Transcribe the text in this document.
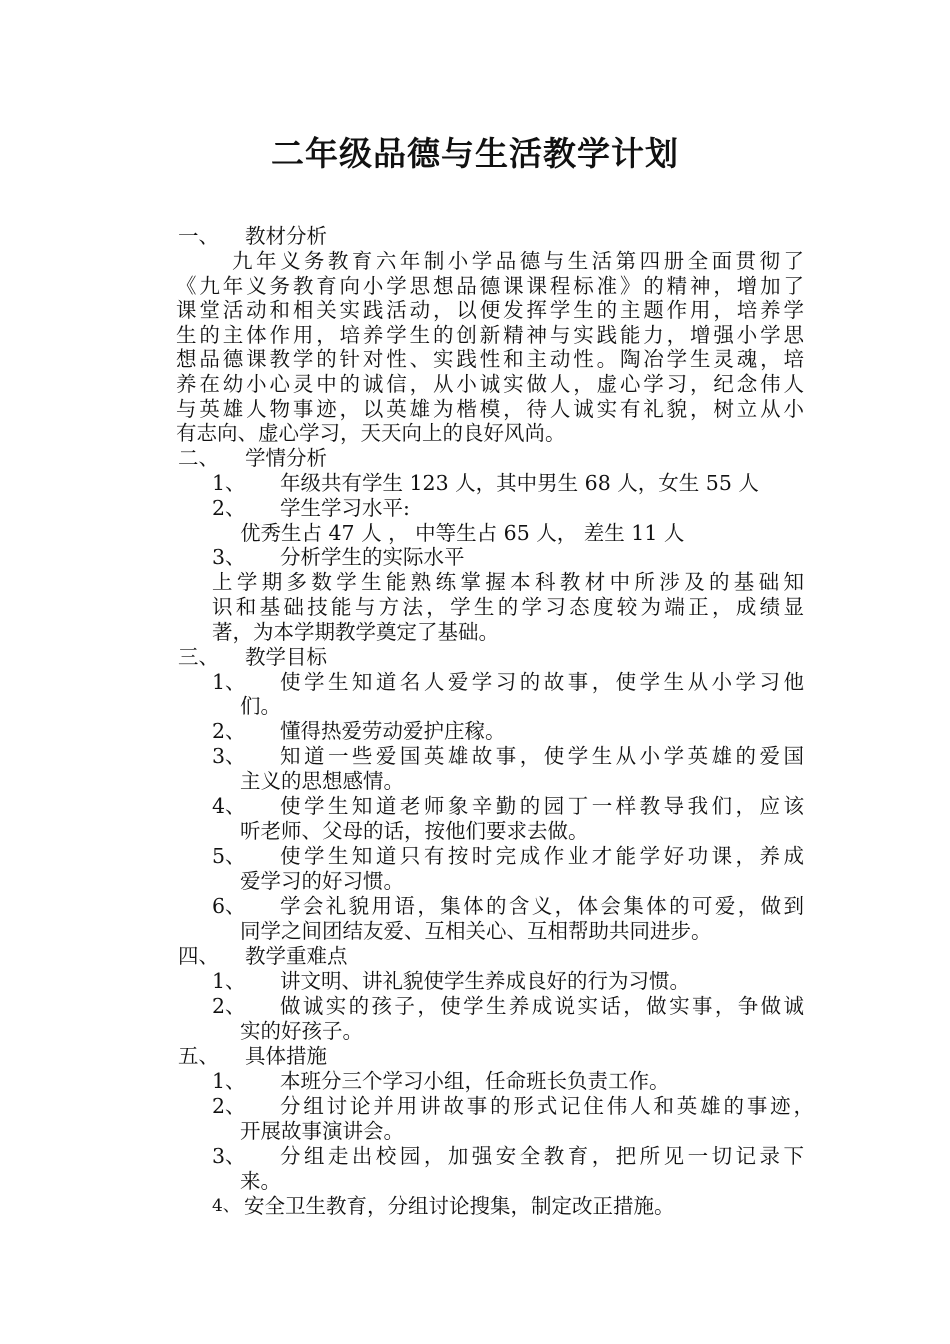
二年级品德与生活教学计划
一、 教材分析
九年义务教育六年制小学品德与生活第四册全面贯彻了
《九年义务教育向小学思想品德课课程标准》的精神，增加了
课堂活动和相关实践活动，以便发挥学生的主题作用，培养学
生的主体作用，培养学生的创新精神与实践能力，增强小学思
想品德课教学的针对性、实践性和主动性。陶冶学生灵魂，培
养在幼小心灵中的诚信，从小诚实做人，虚心学习，纪念伟人
与英雄人物事迹，以英雄为楷模，待人诚实有礼貌，树立从小
有志向、虚心学习，天天向上的良好风尚。
二、 学情分析
1、 年级共有学生 123 人，其中男生 68 人，女生 55 人
2、 学生学习水平:
优秀生占 47 人 ， 中等生占 65 人， 差生 11 人
3、 分析学生的实际水平
上学期多数学生能熟练掌握本科教材中所涉及的基础知
识和基础技能与方法，学生的学习态度较为端正，成绩显
著，为本学期教学奠定了基础。
三、 教学目标
1、 使学生知道名人爱学习的故事，使学生从小学习他
们。
2、 懂得热爱劳动爱护庄稼。
3、 知道一些爱国英雄故事，使学生从小学英雄的爱国
主义的思想感情。
4、 使学生知道老师象辛勤的园丁一样教导我们，应该
听老师、父母的话，按他们要求去做。
5、 使学生知道只有按时完成作业才能学好功课，养成
爱学习的好习惯。
6、 学会礼貌用语，集体的含义，体会集体的可爱，做到
同学之间团结友爱、互相关心、互相帮助共同进步。
四、 教学重难点
1、 讲文明、讲礼貌使学生养成良好的行为习惯。
2、 做诚实的孩子，使学生养成说实话，做实事，争做诚
实的好孩子。
五、 具体措施
1、 本班分三个学习小组，任命班长负责工作。
2、 分组讨论并用讲故事的形式记住伟人和英雄的事迹，
开展故事演讲会。
3、 分组走出校园，加强安全教育，把所见一切记录下
来。
4、 安全卫生教育，分组讨论搜集，制定改正措施。
